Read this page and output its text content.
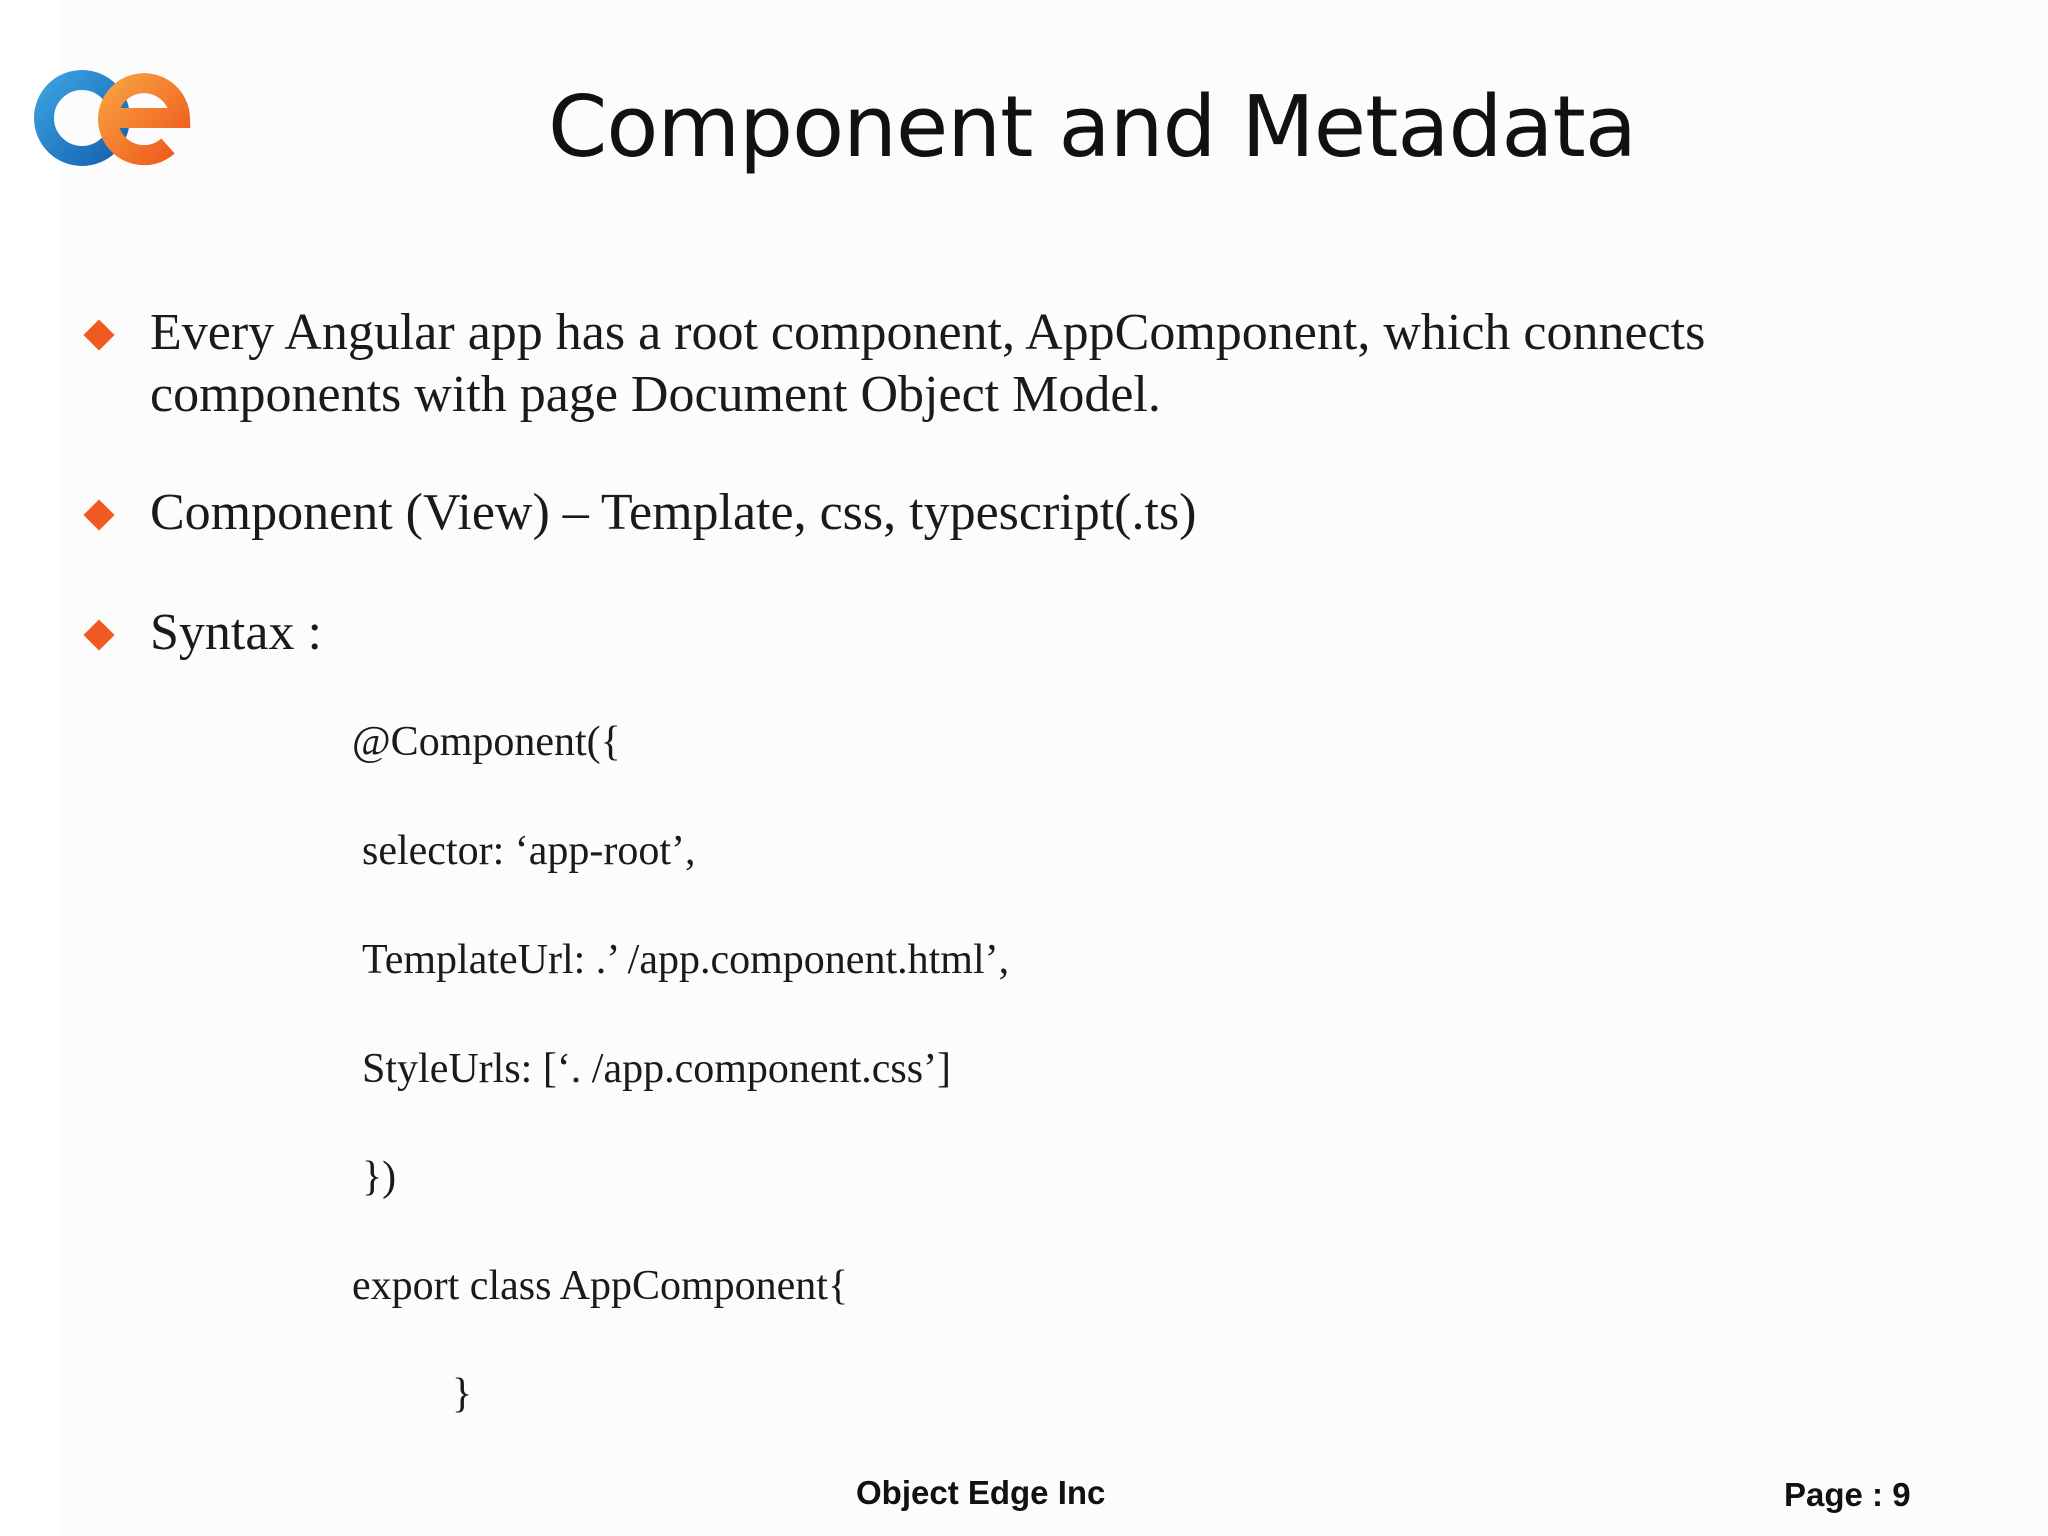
Component and Metadata
Every Angular app has a root component, AppComponent, which connects
components with page Document Object Model.
Component (View) – Template, css, typescript(.ts)
Syntax :
@Component({
selector: ‘app-root’,
TemplateUrl: .’ /app.component.html’,
StyleUrls: [‘. /app.component.css’]
})
export class AppComponent{
}
Object Edge Inc	Page : 9
